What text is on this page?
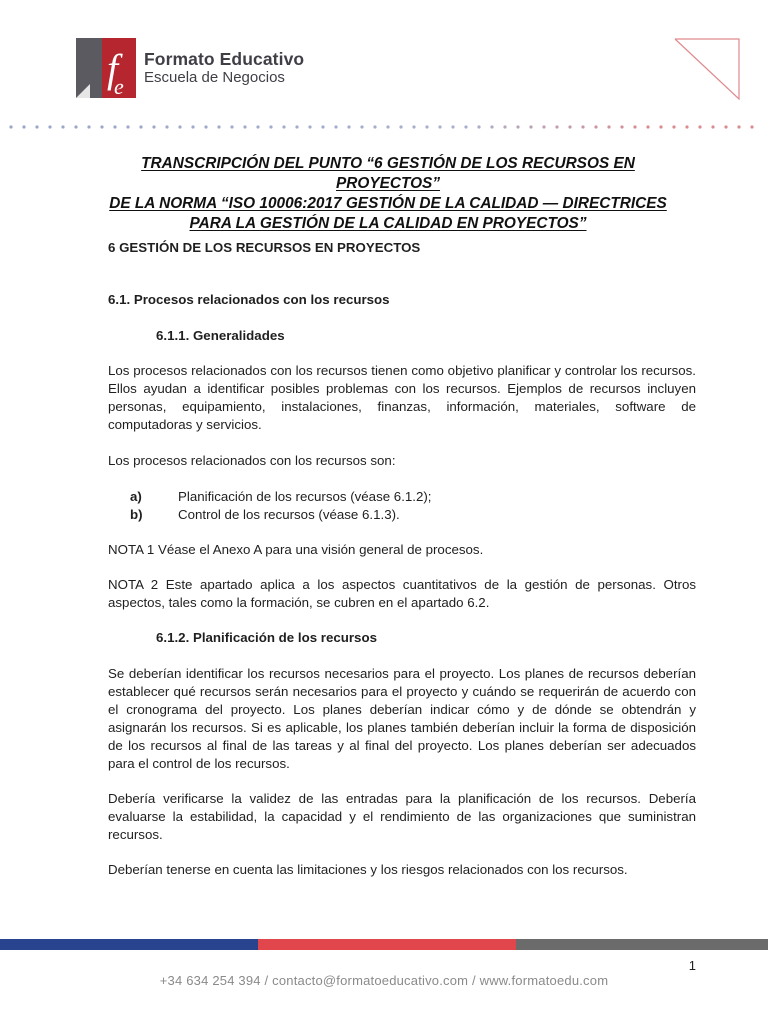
f
e
Formato Educativo
Escuela de Negocios
TRANSCRIPCIÓN DEL PUNTO “6 GESTIÓN DE LOS RECURSOS EN PROYECTOS”
DE LA NORMA “ISO 10006:2017 GESTIÓN DE LA CALIDAD — DIRECTRICES
PARA LA GESTIÓN DE LA CALIDAD EN PROYECTOS”
6 GESTIÓN DE LOS RECURSOS EN PROYECTOS
6.1. Procesos relacionados con los recursos
6.1.1. Generalidades
Los procesos relacionados con los recursos tienen como objetivo planificar y controlar los recursos. Ellos ayudan a identificar posibles problemas con los recursos. Ejemplos de recursos incluyen personas, equipamiento, instalaciones, finanzas, información, materiales, software de computadoras y servicios.
Los procesos relacionados con los recursos son:
a)	Planificación de los recursos (véase 6.1.2);
b)	Control de los recursos (véase 6.1.3).
NOTA 1 Véase el Anexo A para una visión general de procesos.
NOTA 2 Este apartado aplica a los aspectos cuantitativos de la gestión de personas. Otros aspectos, tales como la formación, se cubren en el apartado 6.2.
6.1.2. Planificación de los recursos
Se deberían identificar los recursos necesarios para el proyecto. Los planes de recursos deberían establecer qué recursos serán necesarios para el proyecto y cuándo se requerirán de acuerdo con el cronograma del proyecto. Los planes deberían indicar cómo y de dónde se obtendrán y asignarán los recursos. Si es aplicable, los planes también deberían incluir la forma de disposición de los recursos al final de las tareas y al final del proyecto. Los planes deberían ser adecuados para el control de los recursos.
Debería verificarse la validez de las entradas para la planificación de los recursos. Debería evaluarse la estabilidad, la capacidad y el rendimiento de las organizaciones que suministran recursos.
Deberían tenerse en cuenta las limitaciones y los riesgos relacionados con los recursos.
1
+34 634 254 394 / contacto@formatoeducativo.com / www.formatoedu.com
